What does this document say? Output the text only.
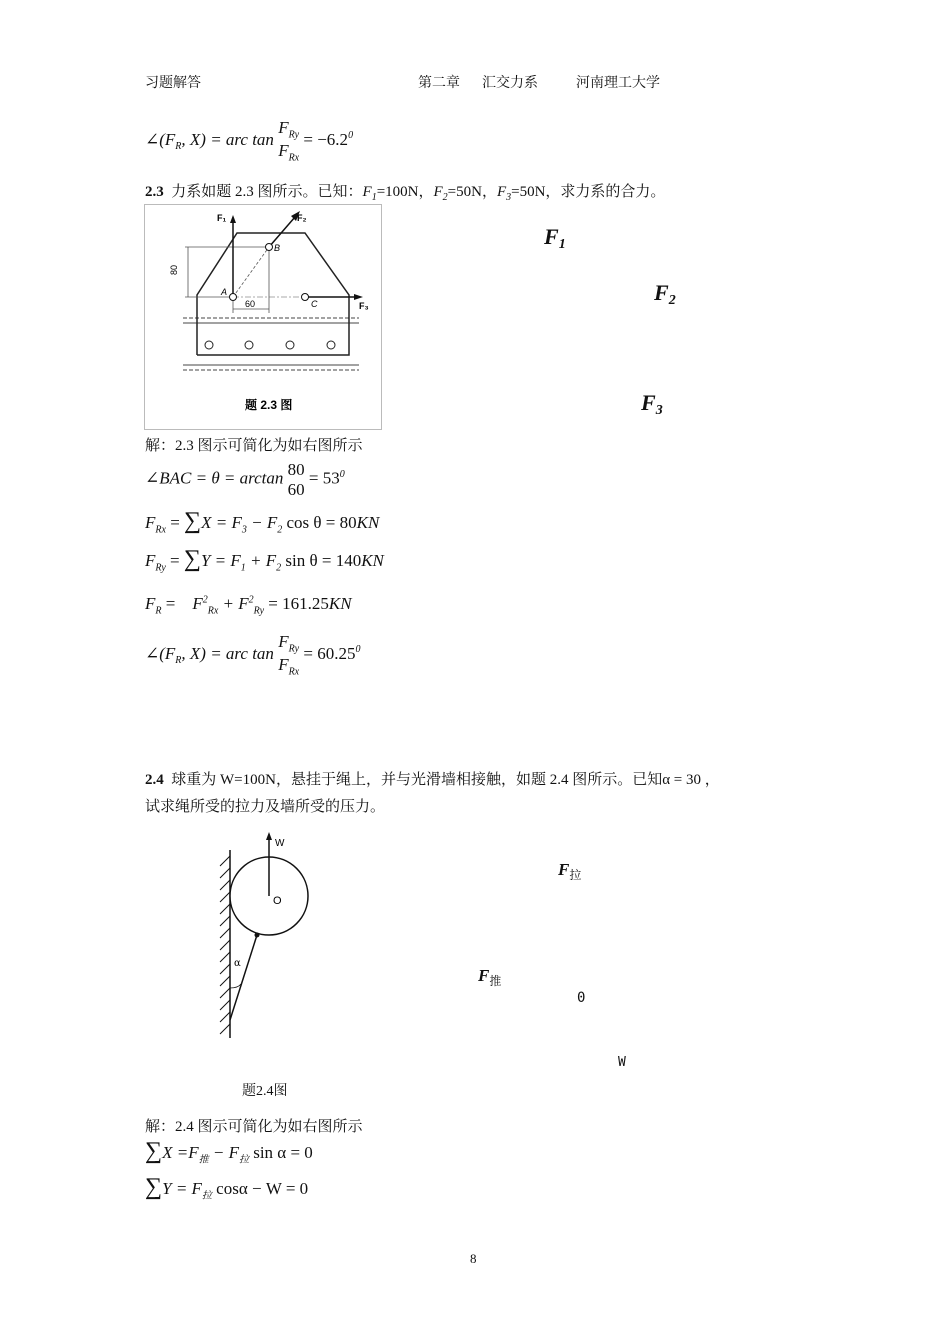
习题解答	第二章 汇交力系	河南理工大学
$\angle(F_R$, X) = arc $\tan F_{Ry}$
$F_{Rx} = -6.2^0$
2.3 力系如题 2.3 图所示。已知：$F_1=100N$，$F_2=50N$，$F_3=50N$，求力系的合力。
80
60
F₁	F₂
F₃
B
A
C
题 2.3 图
$F_1$
$F_2$
$F_3$
解：2.3 图示可简化为如右图所示
∠BAC = θ = arctan 80
$60 = 53^0$
$F_{Rx} = \sum X = F_3 - F_2$ cos θ = 80KN
$F_{Ry} = \sum Y = F_1 + F_2$ sin θ = 140KN
$F_R = F^2_{Rx} + F^2_{Ry} = 161.25KN$
$\angle(F_R$, X) = arc $\tan F_{Ry}$
$F_{Rx} = 60.25^0$
2.4 球重为 W=100N，悬挂于绳上，并与光滑墙相接触，如题 2.4 图所示。已知α = 30 ，
试求绳所受的拉力及墙所受的压力。
W
O
α
题2.4图
$F_拉$
$F_推$
0
W
解：2.4 图示可简化为如右图所示
$\sum X =F_推 - F_拉$ sin α = 0
$\sum Y = F_拉$ cosα − W = 0
8
